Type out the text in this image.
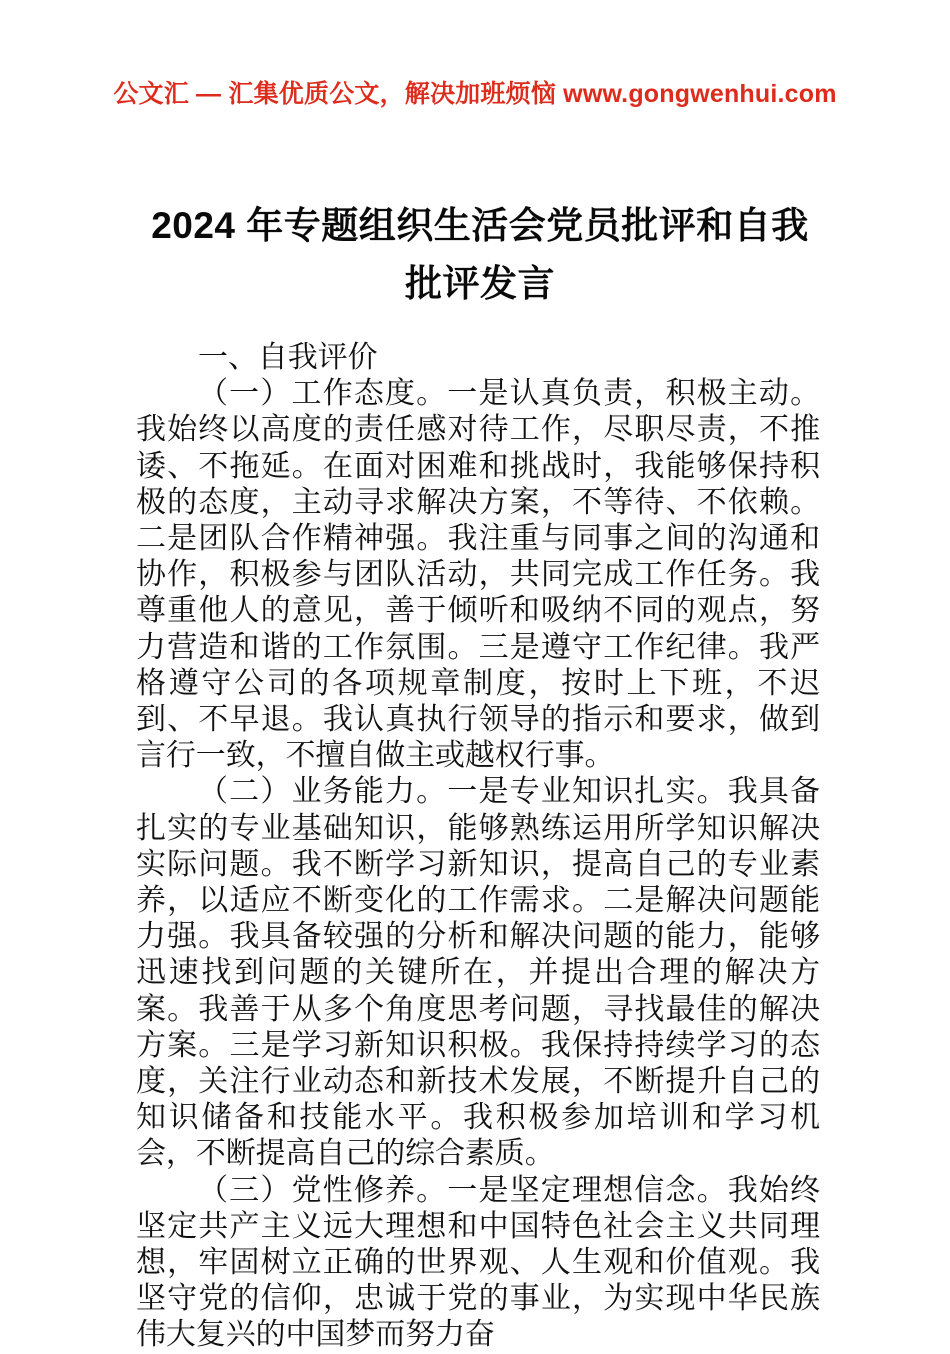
公文汇 — 汇集优质公文，解决加班烦恼 www.gongwenhui.com
2024 年专题组织生活会党员批评和自我批评发言

一、自我评价

（一）工作态度。一是认真负责，积极主动。我始终以高度的责任感对待工作，尽职尽责，不推诿、不拖延。在面对困难和挑战时，我能够保持积极的态度，主动寻求解决方案，不等待、不依赖。二是团队合作精神强。我注重与同事之间的沟通和协作，积极参与团队活动，共同完成工作任务。我尊重他人的意见，善于倾听和吸纳不同的观点，努力营造和谐的工作氛围。三是遵守工作纪律。我严格遵守公司的各项规章制度，按时上下班，不迟到、不早退。我认真执行领导的指示和要求，做到言行一致，不擅自做主或越权行事。

（二）业务能力。一是专业知识扎实。我具备扎实的专业基础知识，能够熟练运用所学知识解决实际问题。我不断学习新知识，提高自己的专业素养，以适应不断变化的工作需求。二是解决问题能力强。我具备较强的分析和解决问题的能力，能够迅速找到问题的关键所在，并提出合理的解决方案。我善于从多个角度思考问题，寻找最佳的解决方案。三是学习新知识积极。我保持持续学习的态度，关注行业动态和新技术发展，不断提升自己的知识储备和技能水平。我积极参加培训和学习机会，不断提高自己的综合素质。

（三）党性修养。一是坚定理想信念。我始终坚定共产主义远大理想和中国特色社会主义共同理想，牢固树立正确的世界观、人生观和价值观。我坚守党的信仰，忠诚于党的事业，为实现中华民族伟大复兴的中国梦而努力奋
